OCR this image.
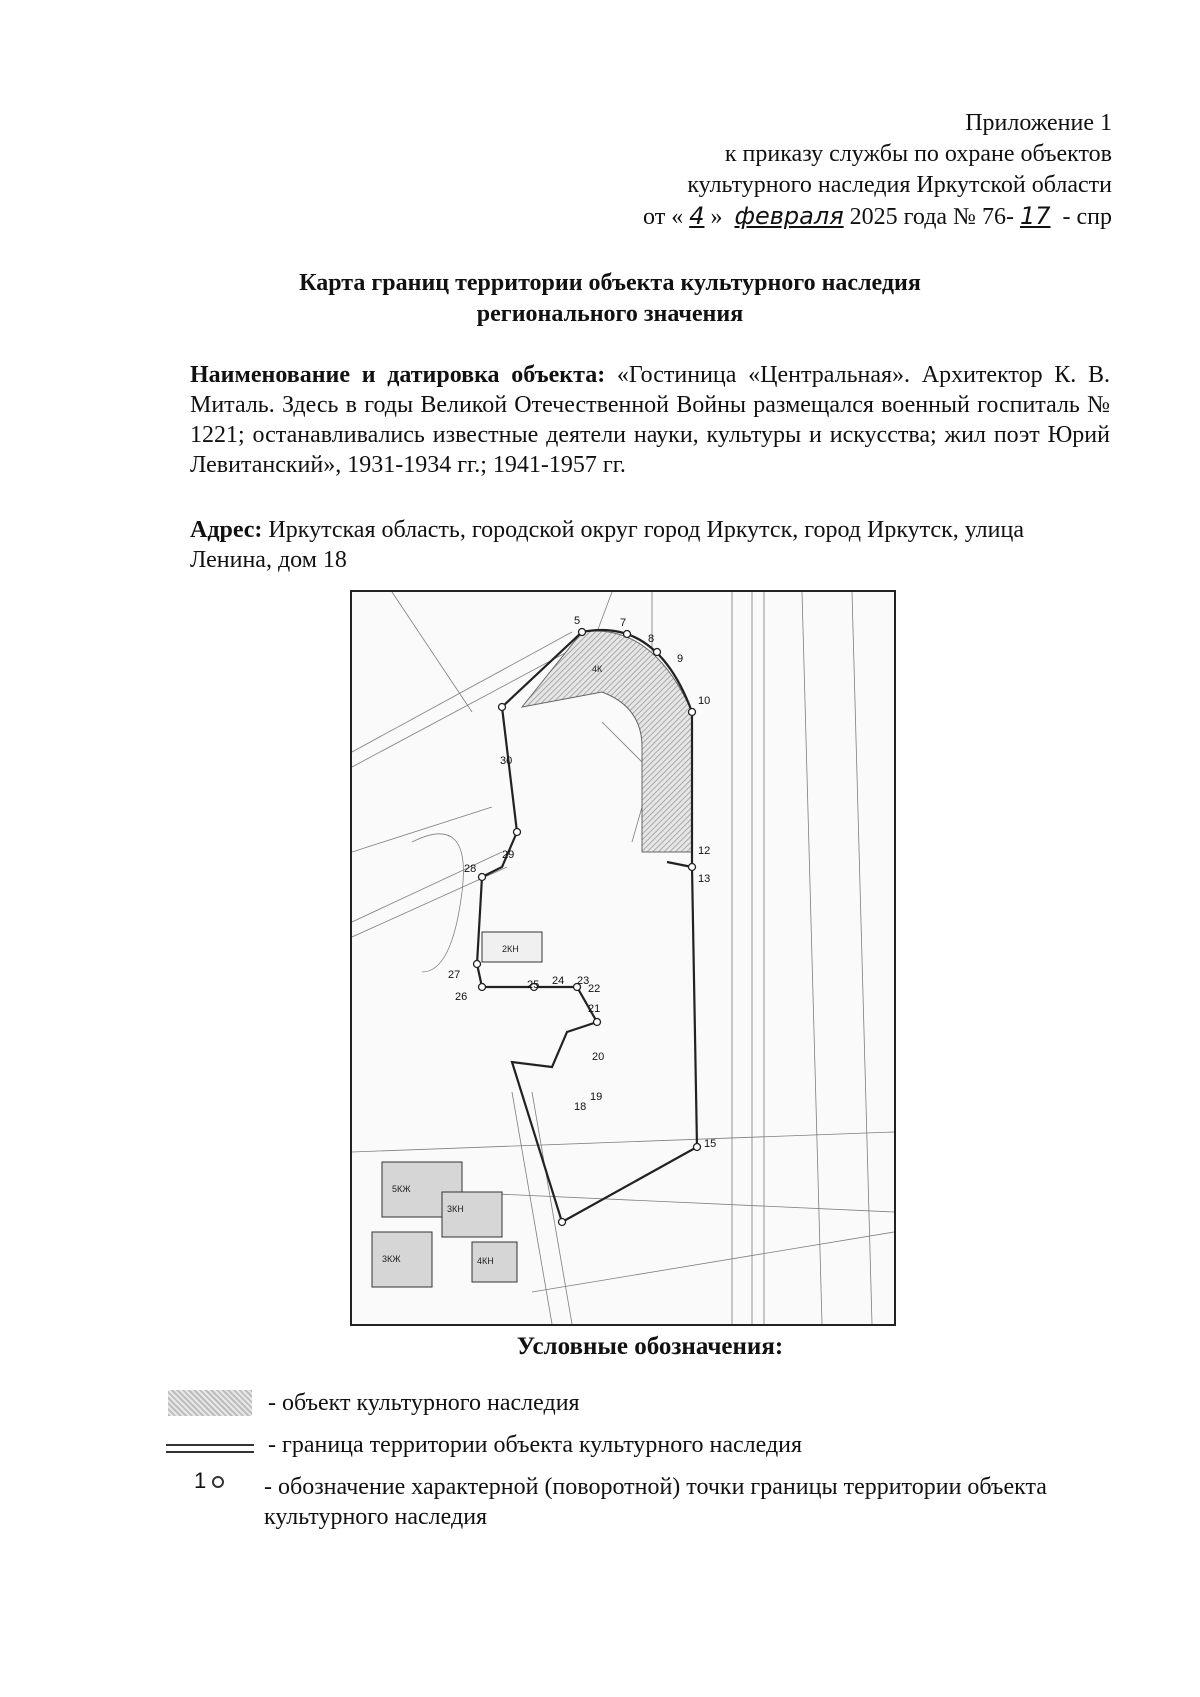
Приложение 1
к приказу службы по охране объектов
культурного наследия Иркутской области
от « 4 » февраля 2025 года № 76- 17 - спр
Карта границ территории объекта культурного наследия
регионального значения
Наименование и датировка объекта: «Гостиница «Центральная». Архитектор К. В. Миталь. Здесь в годы Великой Отечественной Войны размещался военный госпиталь № 1221; останавливались известные деятели науки, культуры и искусства; жил поэт Юрий Левитанский», 1931-1934 гг.; 1941-1957 гг.
Адрес: Иркутская область, городской округ город Иркутск, город Иркутск, улица Ленина, дом 18
10
12
13
15
18
19
20
21
22
23
24
25
26
27
28
29
30
5	7
8
9
2КН
4К
3КН
5КЖ
3КЖ	4КН
Условные обозначения:
- объект культурного наследия
- граница территории объекта культурного наследия
1	- обозначение характерной (поворотной) точки границы территории объекта культурного наследия
